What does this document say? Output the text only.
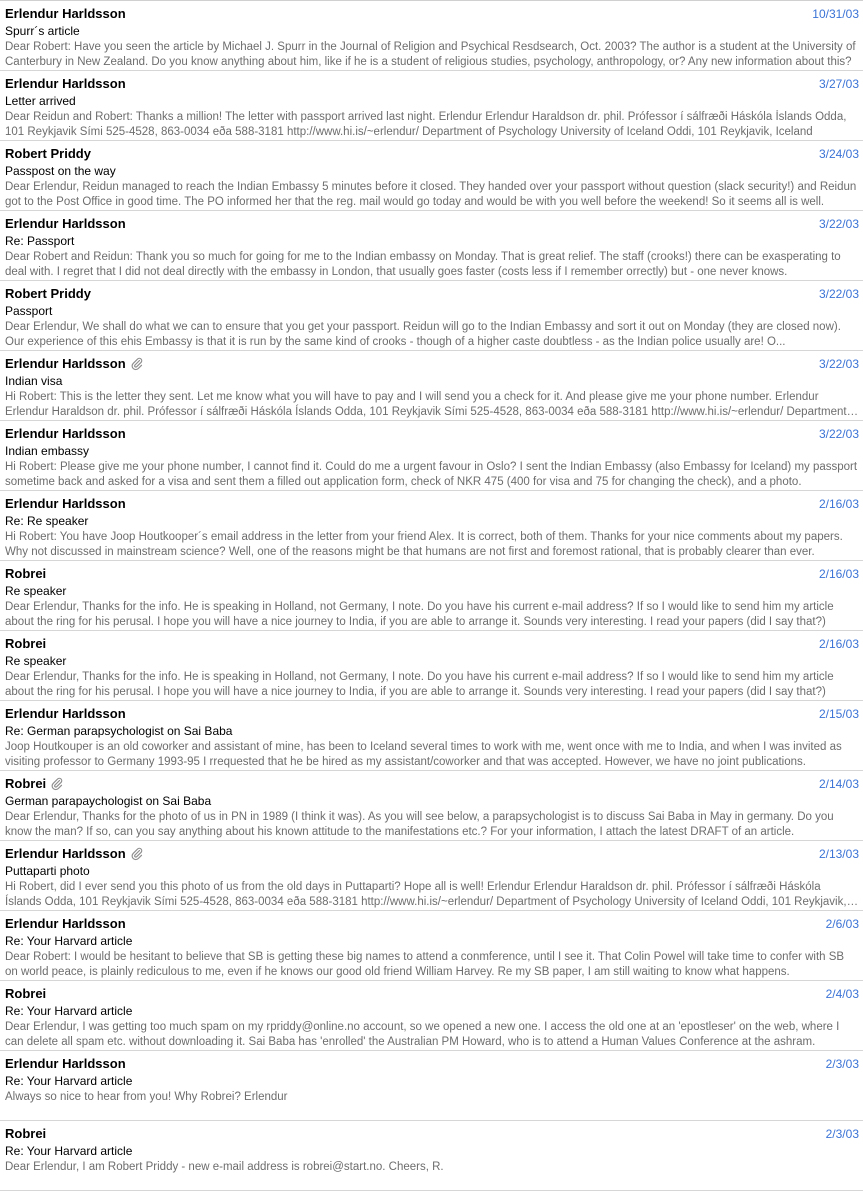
Erlendur Harldsson	10/31/03
Spurr´s article
Dear Robert: Have you seen the article by Michael J. Spurr in the Journal of Religion and Psychical Resdsearch, Oct. 2003? The author is a student at the University of Canterbury in New Zealand. Do you know anything about him, like if he is a student of religious studies, psychology, anthropology, or? Any new information about this?
Erlendur Harldsson	3/27/03
Letter arrived
Dear Reidun and Robert: Thanks a million! The letter with passport arrived last night. Erlendur Erlendur Haraldson dr. phil. Prófessor í sálfræði Háskóla Íslands Odda, 101 Reykjavik Sími 525-4528, 863-0034 eða 588-3181 http://www.hi.is/~erlendur/ Department of Psychology University of Iceland Oddi, 101 Reykjavik, Iceland
Robert Priddy	3/24/03
Passpost on the way
Dear Erlendur, Reidun managed to reach the Indian Embassy 5 minutes before it closed. They handed over your passport without question (slack security!) and Reidun got to the Post Office in good time. The PO informed her that the reg. mail would go today and would be with you well before the weekend! So it seems all is well.
Erlendur Harldsson	3/22/03
Re: Passport
Dear Robert and Reidun: Thank you so much for going for me to the Indian embassy on Monday. That is great relief. The staff (crooks!) there can be exasperating to deal with. I regret that I did not deal directly with the embassy in London, that usually goes faster (costs less if I remember orrectly) but - one never knows.
Robert Priddy	3/22/03
Passport
Dear Erlendur, We shall do what we can to ensure that you get your passport. Reidun will go to the Indian Embassy and sort it out on Monday (they are closed now). Our experience of this ehis Embassy is that it is run by the same kind of crooks - though of a higher caste doubtless - as the Indian police usually are! O...
Erlendur Harldsson	3/22/03
Indian visa
Hi Robert: This is the letter they sent. Let me know what you will have to pay and I will send you a check for it. And please give me your phone number. Erlendur Erlendur Haraldson dr. phil. Prófessor í sálfræði Háskóla Íslands Odda, 101 Reykjavik Sími 525-4528, 863-0034 eða 588-3181 http://www.hi.is/~erlendur/ Department
Erlendur Harldsson	3/22/03
Indian embassy
Hi Robert: Please give me your phone number, I cannot find it. Could do me a urgent favour in Oslo? I sent the Indian Embassy (also Embassy for Iceland) my passport sometime back and asked for a visa and sent them a filled out application form, check of NKR 475 (400 for visa and 75 for changing the check), and a photo.
Erlendur Harldsson	2/16/03
Re: Re speaker
Hi Robert: You have Joop Houtkooper´s email address in the letter from your friend Alex. It is correct, both of them. Thanks for your nice comments about my papers. Why not discussed in mainstream science? Well, one of the reasons might be that humans are not first and foremost rational, that is probably clearer than ever.
Robrei	2/16/03
Re speaker
Dear Erlendur, Thanks for the info. He is speaking in Holland, not Germany, I note. Do you have his current e-mail address? If so I would like to send him my article about the ring for his perusal. I hope you will have a nice journey to India, if you are able to arrange it. Sounds very interesting. I read your papers (did I say that?)
Robrei	2/16/03
Re speaker
Dear Erlendur, Thanks for the info. He is speaking in Holland, not Germany, I note. Do you have his current e-mail address? If so I would like to send him my article about the ring for his perusal. I hope you will have a nice journey to India, if you are able to arrange it. Sounds very interesting. I read your papers (did I say that?)
Erlendur Harldsson	2/15/03
Re: German parapsychologist on Sai Baba
Joop Houtkouper is an old coworker and assistant of mine, has been to Iceland several times to work with me, went once with me to India, and when I was invited as visiting professor to Germany 1993-95 I rrequested that he be hired as my assistant/coworker and that was accepted. However, we have no joint publications.
Robrei	2/14/03
German parapaychologist on Sai Baba
Dear Erlendur, Thanks for the photo of us in PN in 1989 (I think it was). As you will see below, a parapsychologist is to discuss Sai Baba in May in germany. Do you know the man? If so, can you say anything about his known attitude to the manifestations etc.? For your information, I attach the latest DRAFT of an article.
Erlendur Harldsson	2/13/03
Puttaparti photo
Hi Robert, did I ever send you this photo of us from the old days in Puttaparti? Hope all is well! Erlendur Erlendur Haraldson dr. phil. Prófessor í sálfræði Háskóla Íslands Odda, 101 Reykjavik Sími 525-4528, 863-0034 eða 588-3181 http://www.hi.is/~erlendur/ Department of Psychology University of Iceland Oddi, 101 Reykjavik,
Erlendur Harldsson	2/6/03
Re: Your Harvard article
Dear Robert: I would be hesitant to believe that SB is getting these big names to attend a conmference, until I see it. That Colin Powel will take time to confer with SB on world peace, is plainly rediculous to me, even if he knows our good old friend William Harvey. Re my SB paper, I am still waiting to know what happens.
Robrei	2/4/03
Re: Your Harvard article
Dear Erlendur, I was getting too much spam on my rpriddy@online.no account, so we opened a new one. I access the old one at an 'epostleser' on the web, where I can delete all spam etc. without downloading it. Sai Baba has 'enrolled' the Australian PM Howard, who is to attend a Human Values Conference at the ashram.
Erlendur Harldsson	2/3/03
Re: Your Harvard article
Always so nice to hear from you! Why Robrei? Erlendur
Robrei	2/3/03
Re: Your Harvard article
Dear Erlendur, I am Robert Priddy - new e-mail address is robrei@start.no. Cheers, R.
